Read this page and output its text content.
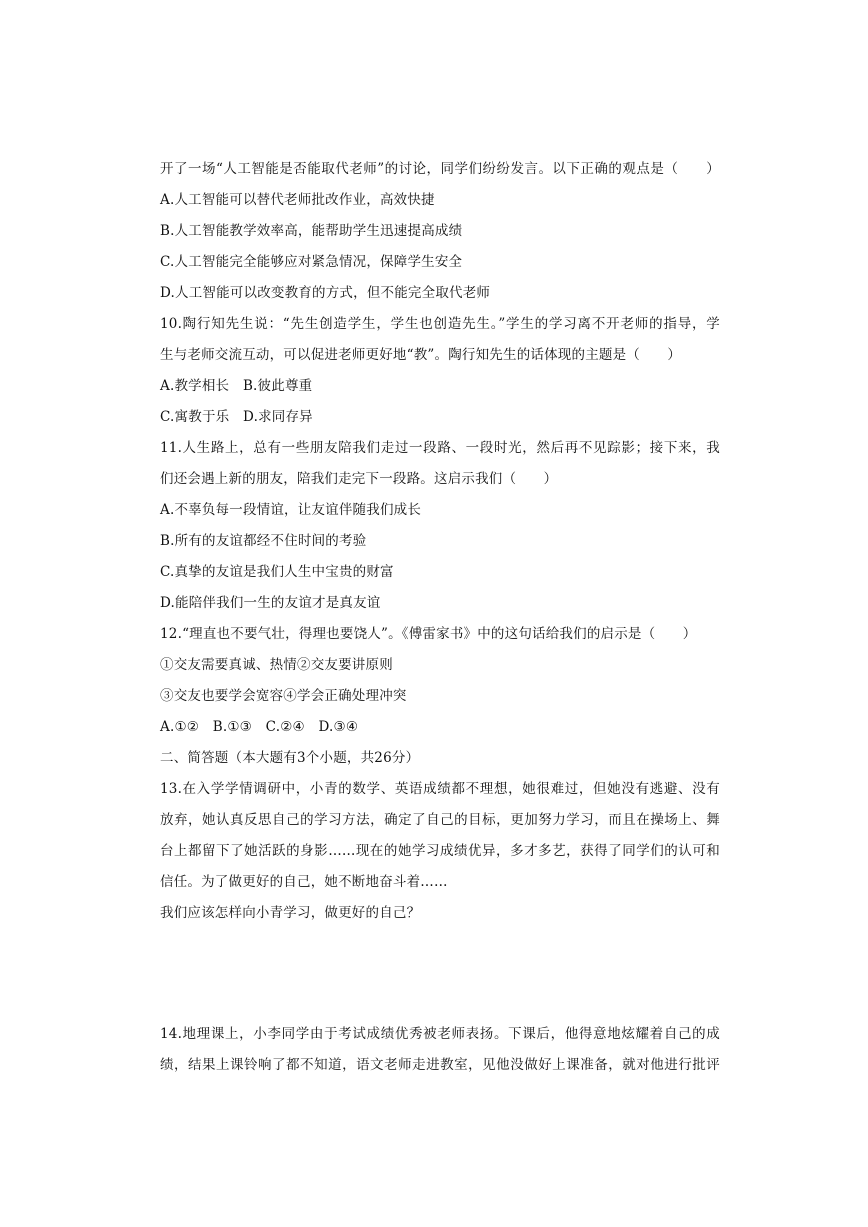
开了一场“人工智能是否能取代老师”的讨论，同学们纷纷发言。以下正确的观点是（　　）
A.人工智能可以替代老师批改作业，高效快捷
B.人工智能教学效率高，能帮助学生迅速提高成绩
C.人工智能完全能够应对紧急情况，保障学生安全
D.人工智能可以改变教育的方式，但不能完全取代老师
10.陶行知先生说：“先生创造学生，学生也创造先生。”学生的学习离不开老师的指导，学
生与老师交流互动，可以促进老师更好地“教”。陶行知先生的话体现的主题是（　　）
A.教学相长　B.彼此尊重
C.寓教于乐　D.求同存异
11.人生路上，总有一些朋友陪我们走过一段路、一段时光，然后再不见踪影；接下来，我
们还会遇上新的朋友，陪我们走完下一段路。这启示我们（　　）
A.不辜负每一段情谊，让友谊伴随我们成长
B.所有的友谊都经不住时间的考验
C.真挚的友谊是我们人生中宝贵的财富
D.能陪伴我们一生的友谊才是真友谊
12.“理直也不要气壮，得理也要饶人”。《傅雷家书》中的这句话给我们的启示是（　　）
①交友需要真诚、热情②交友要讲原则
③交友也要学会宽容④学会正确处理冲突
A.①②　B.①③　C.②④　D.③④
二、简答题（本大题有3个小题，共26分）
13.在入学学情调研中，小青的数学、英语成绩都不理想，她很难过，但她没有逃避、没有
放弃，她认真反思自己的学习方法，确定了自己的目标，更加努力学习，而且在操场上、舞
台上都留下了她活跃的身影……现在的她学习成绩优异，多才多艺，获得了同学们的认可和
信任。为了做更好的自己，她不断地奋斗着……
我们应该怎样向小青学习，做更好的自己？
14.地理课上，小李同学由于考试成绩优秀被老师表扬。下课后，他得意地炫耀着自己的成
绩，结果上课铃响了都不知道，语文老师走进教室，见他没做好上课准备，就对他进行批评
